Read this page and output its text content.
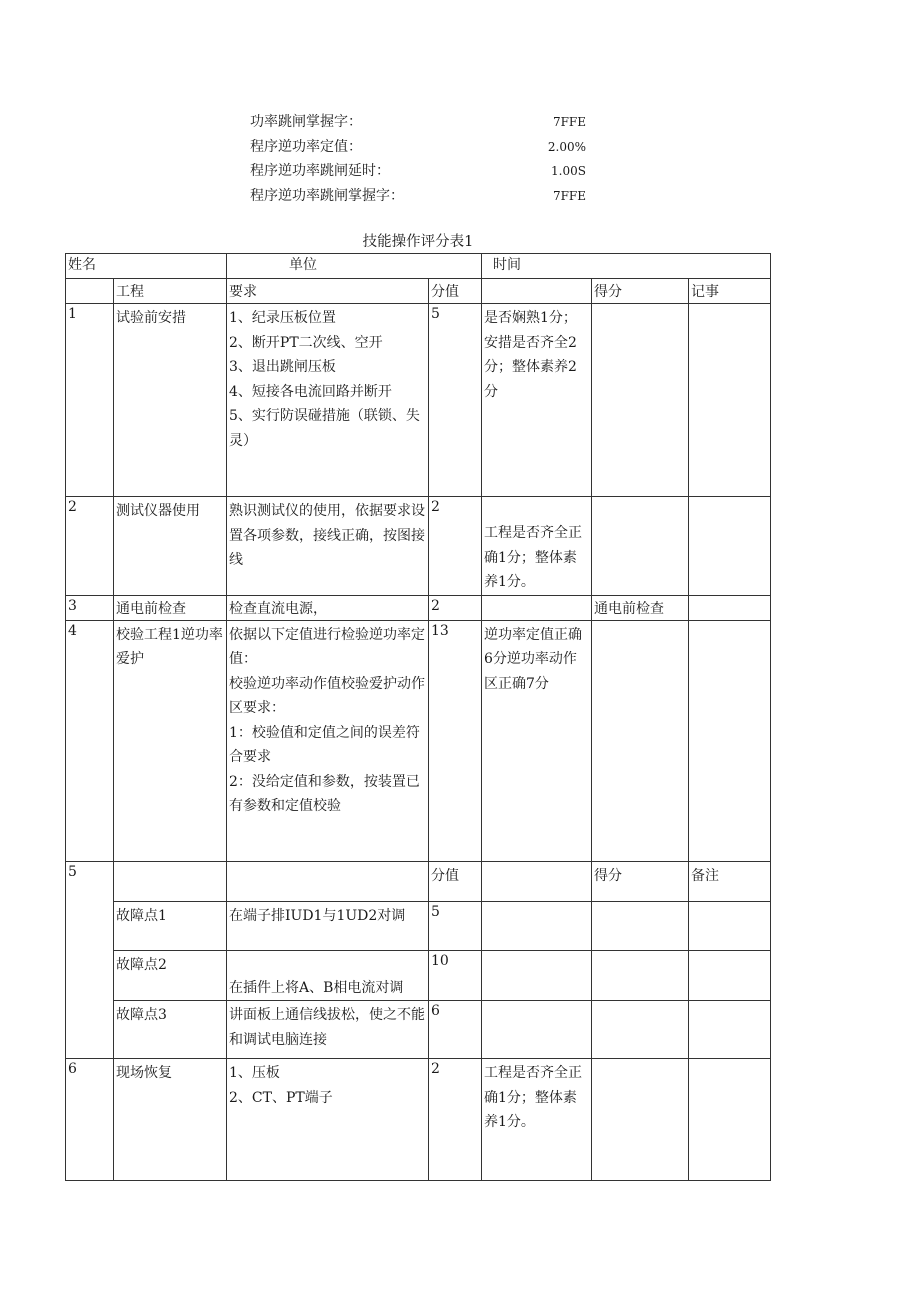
功率跳闸掌握字：	7FFE
程序逆功率定值：	2.00%
程序逆功率跳闸延时：	1.00S
程序逆功率跳闸掌握字：	7FFE
技能操作评分表1
姓名		单位		时间		
	工程	要求	分值		得分	记事
1	试验前安措	1、纪录压板位置
2、断开PT二次线、空开
3、退出跳闸压板
4、短接各电流回路并断开
5、实行防误碰措施（联锁、失灵）	5	是否娴熟1分；安措是否齐全2分；整体素养2分		
2	测试仪器使用	熟识测试仪的使用，依据要求设置各项参数，接线正确，按图接线	2	工程是否齐全正确1分；整体素养1分。		
3	通电前检查	检查直流电源，	2		通电前检查	
4	校验工程1逆功率爱护	依据以下定值进行检验逆功率定值：
校验逆功率动作值校验爱护动作区要求：
1：校验值和定值之间的误差符合要求
2：没给定值和参数，按装置已有参数和定值校验	13	逆功率定值正确6分逆功率动作区正确7分		
5			分值		得分	备注
	故障点1	在端子排IUD1与1UD2对调	5			
	故障点2	在插件上将A、B相电流对调	10			
	故障点3	讲面板上通信线拔松，使之不能和调试电脑连接	6			
6	现场恢复	1、压板
2、CT、PT端子	2	工程是否齐全正确1分；整体素养1分。		
